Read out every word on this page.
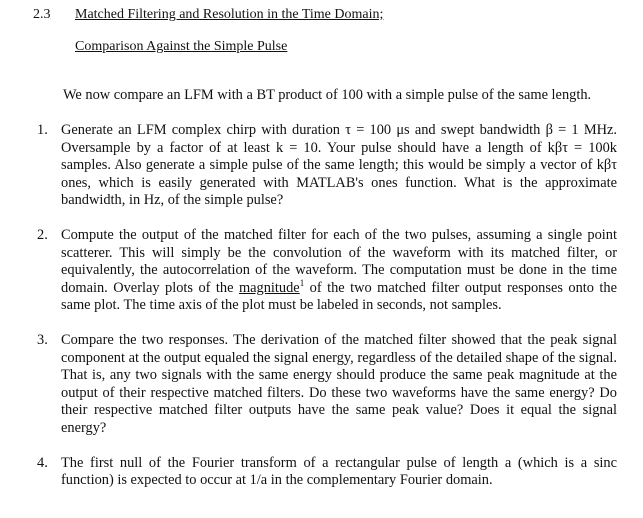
2.3 Matched Filtering and Resolution in the Time Domain;
Comparison Against the Simple Pulse

We now compare an LFM with a BT product of 100 with a simple pulse of the same length.

1. Generate an LFM complex chirp with duration τ = 100 μs and swept bandwidth β = 1 MHz. Oversample by a factor of at least k = 10. Your pulse should have a length of kβτ = 100k samples. Also generate a simple pulse of the same length; this would be simply a vector of kβτ ones, which is easily generated with MATLAB's ones function. What is the approximate bandwidth, in Hz, of the simple pulse?
2. Compute the output of the matched filter for each of the two pulses, assuming a single point scatterer. This will simply be the convolution of the waveform with its matched filter, or equivalently, the autocorrelation of the waveform. The computation must be done in the time domain. Overlay plots of the magnitude$^1$ of the two matched filter output responses onto the same plot. The time axis of the plot must be labeled in seconds, not samples.
3. Compare the two responses. The derivation of the matched filter showed that the peak signal component at the output equaled the signal energy, regardless of the detailed shape of the signal. That is, any two signals with the same energy should produce the same peak magnitude at the output of their respective matched filters. Do these two waveforms have the same energy? Do their respective matched filter outputs have the same peak value? Does it equal the signal energy?
4. The first null of the Fourier transform of a rectangular pulse of length a (which is a sinc function) is expected to occur at 1/a in the complementary Fourier domain.
